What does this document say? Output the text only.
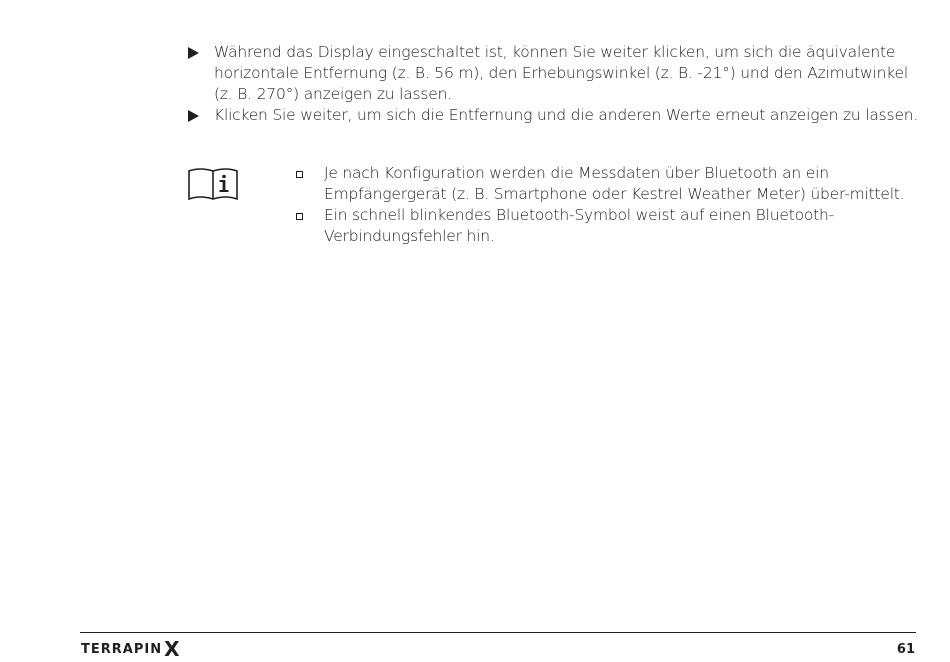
Während das Display eingeschaltet ist, können Sie weiter klicken, um sich die äquivalente horizontale Entfernung (z. B. 56 m), den Erhebungswinkel (z. B. -21°) und den Azimutwinkel (z. B. 270°) anzeigen zu lassen.
Klicken Sie weiter, um sich die Entfernung und die anderen Werte erneut anzeigen zu lassen.
Je nach Konfiguration werden die Messdaten über Bluetooth an ein Empfängergerät (z. B. Smartphone oder Kestrel Weather Meter) über-mittelt.
Ein schnell blinkendes Bluetooth-Symbol weist auf einen Bluetooth-Verbindungsfehler hin.
TERRAPIN X	61
